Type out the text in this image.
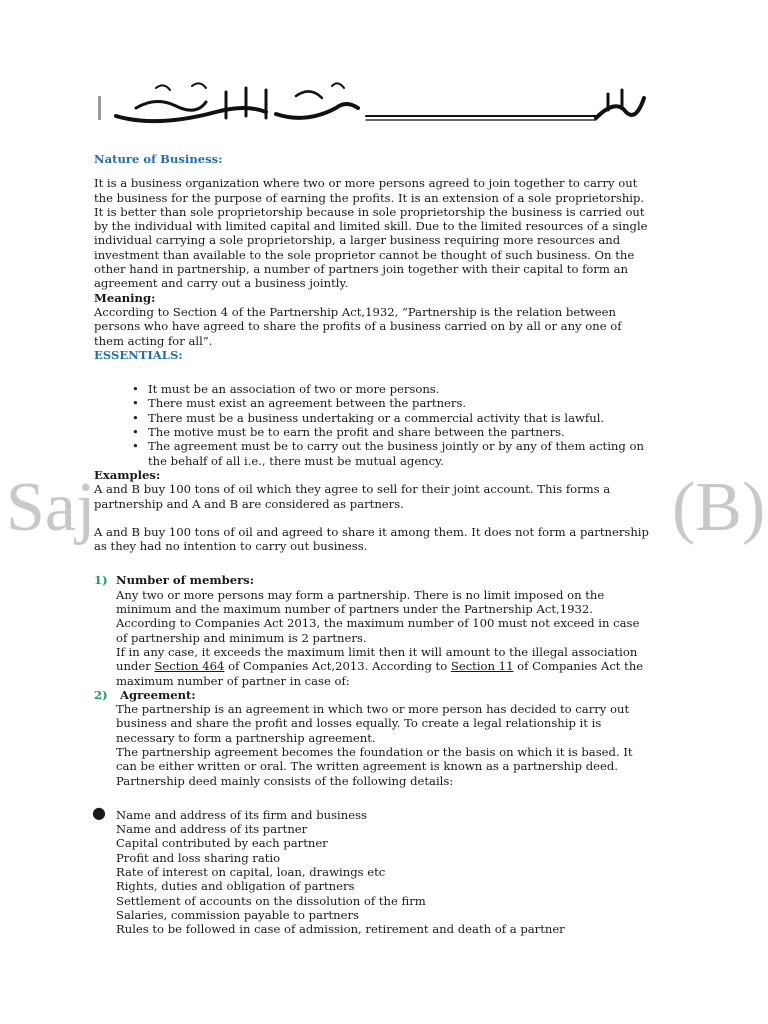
Saj	(B)

Nature of Business:

It is a business organization where two or more persons agreed to join together to carry out

the business for the purpose of earning the profits. It is an extension of a sole proprietorship.

It is better than sole proprietorship because in sole proprietorship the business is carried out

by the individual with limited capital and limited skill. Due to the limited resources of a single

individual carrying a sole proprietorship, a larger business requiring more resources and

investment than available to the sole proprietor cannot be thought of such business. On the

other hand in partnership, a number of partners join together with their capital to form an

agreement and carry out a business jointly.

Meaning:

According to Section 4 of the Partnership Act,1932, “Partnership is the relation between

persons who have agreed to share the profits of a business carried on by all or any one of

them acting for all”.

ESSENTIALS:

• It must be an association of two or more persons.
• There must exist an agreement between the partners.
• There must be a business undertaking or a commercial activity that is lawful.
• The motive must be to earn the profit and share between the partners.
• The agreement must be to carry out the business jointly or by any of them acting on

the behalf of all i.e., there must be mutual agency.

Examples:

A and B buy 100 tons of oil which they agree to sell for their joint account. This forms a

partnership and A and B are considered as partners.

A and B buy 100 tons of oil and agreed to share it among them. It does not form a partnership

as they had no intention to carry out business.

1) Number of members:

Any two or more persons may form a partnership. There is no limit imposed on the

minimum and the maximum number of partners under the Partnership Act,1932.

According to Companies Act 2013, the maximum number of 100 must not exceed in case

of partnership and minimum is 2 partners.

If in any case, it exceeds the maximum limit then it will amount to the illegal association

under Section 464 of Companies Act,2013. According to Section 11 of Companies Act the

maximum number of partner in case of:

2)	Agreement:

The partnership is an agreement in which two or more person has decided to carry out

business and share the profit and losses equally. To create a legal relationship it is

necessary to form a partnership agreement.

The partnership agreement becomes the foundation or the basis on which it is based. It

can be either written or oral. The written agreement is known as a partnership deed.

Partnership deed mainly consists of the following details:

● Name and address of its firm and business

Name and address of its partner

Capital contributed by each partner

Profit and loss sharing ratio

Rate of interest on capital, loan, drawings etc

Rights, duties and obligation of partners

Settlement of accounts on the dissolution of the firm

Salaries, commission payable to partners

Rules to be followed in case of admission, retirement and death of a partner
